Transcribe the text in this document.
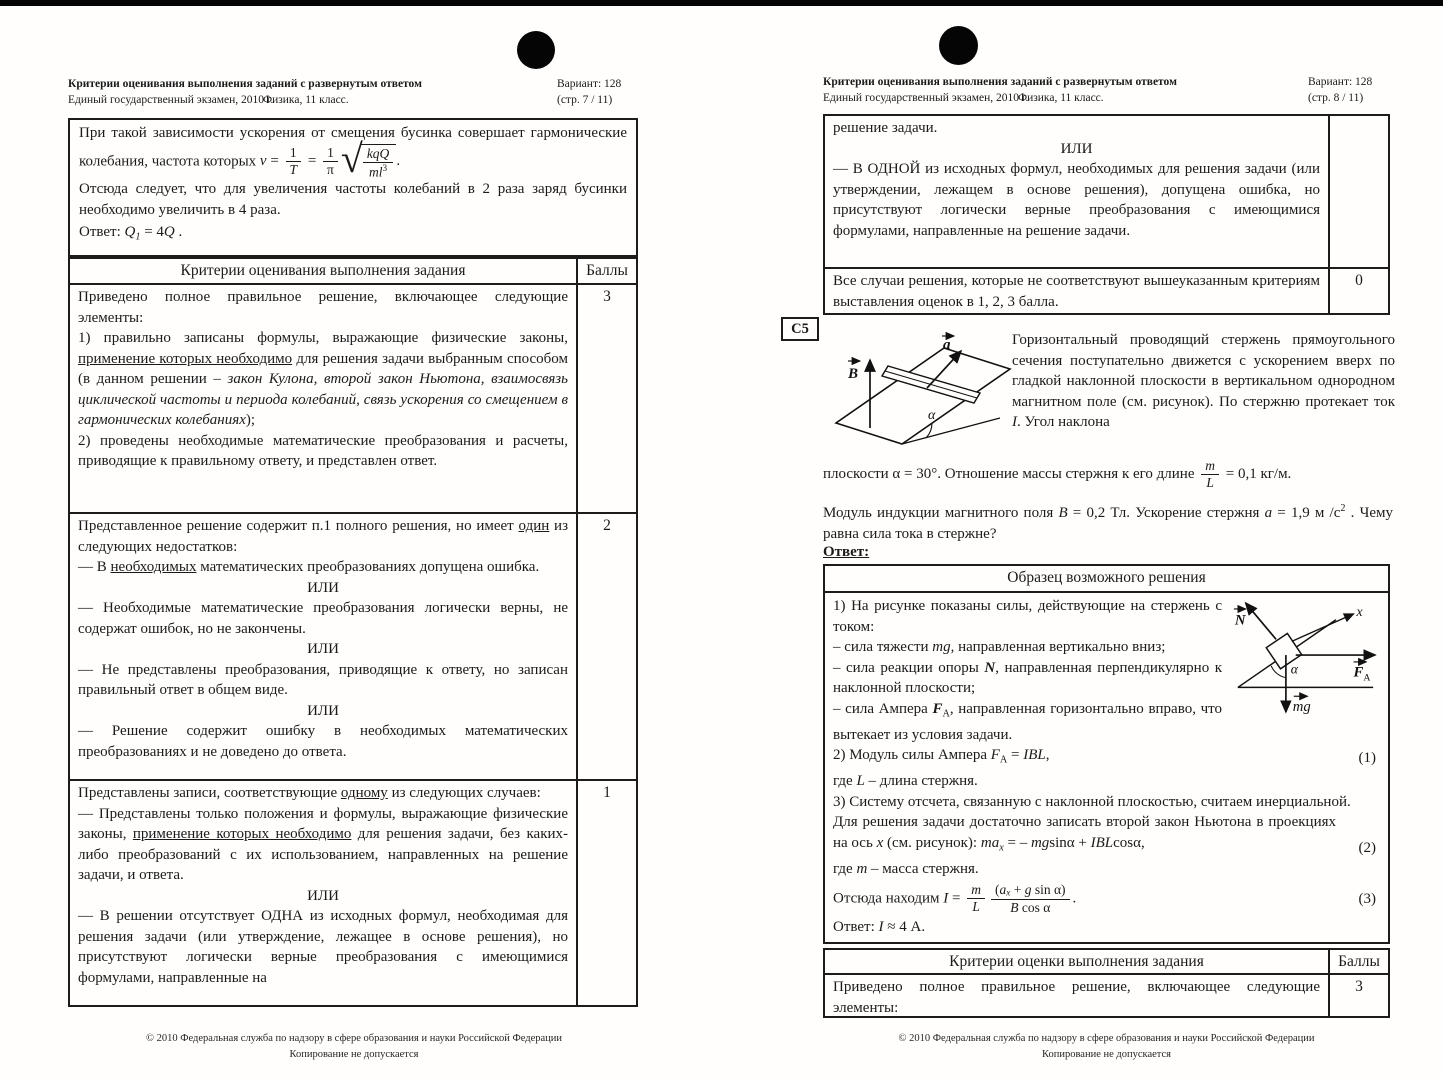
Критерии оценивания выполнения заданий с развернутым ответом
Единый государственный экзамен, 2010 г.
Физика, 11 класс.
Вариант: 128
(стр. 7 / 11)
При такой зависимости ускорения от смещения бусинка совершает гармонические колебания, частота которых $\nu = \frac{1}{T} = \frac{1}{\pi}$ √ $\frac{\text{kqQ}}{ml^3}$ .
Отсюда следует, что для увеличения частоты колебаний в 2 раза заряд бусинки необходимо увеличить в 4 раза.
Ответ: $Q_1 = 4Q$ .
Критерии оценивания выполнения задания	Баллы
Приведено полное правильное решение, включающее следующие элементы:
1) правильно записаны формулы, выражающие физические законы, применение которых необходимо для решения задачи выбранным способом (в данном решении – закон Кулона, второй закон Ньютона, взаимосвязь циклической частоты и периода колебаний, связь ускорения со смещением в гармонических колебаниях);
2) проведены необходимые математические преобразования и расчеты, приводящие к правильному ответу, и представлен ответ.
3
Представленное решение содержит п.1 полного решения, но имеет один из следующих недостатков:
— В необходимых математических преобразованиях допущена ошибка.
ИЛИ
— Необходимые математические преобразования логически верны, не содержат ошибок, но не закончены.
ИЛИ
— Не представлены преобразования, приводящие к ответу, но записан правильный ответ в общем виде.
ИЛИ
— Решение содержит ошибку в необходимых математических преобразованиях и не доведено до ответа.
2
Представлены записи, соответствующие одному из следующих случаев:
— Представлены только положения и формулы, выражающие физические законы, применение которых необходимо для решения задачи, без каких-либо преобразований с их использованием, направленных на решение задачи, и ответа.
ИЛИ
— В решении отсутствует ОДНА из исходных формул, необходимая для решения задачи (или утверждение, лежащее в основе решения), но присутствуют логически верные преобразования с имеющимися формулами, направленные на
1
© 2010 Федеральная служба по надзору в сфере образования и науки Российской Федерации
Копирование не допускается
Критерии оценивания выполнения заданий с развернутым ответом
Единый государственный экзамен, 2010 г.
Физика, 11 класс.
Вариант: 128
(стр. 8 / 11)
решение задачи.
ИЛИ
— В ОДНОЙ из исходных формул, необходимых для решения задачи (или утверждении, лежащем в основе решения), допущена ошибка, но присутствуют логически верные преобразования с имеющимися формулами, направленные на решение задачи.
Все случаи решения, которые не соответствуют вышеуказанным критериям выставления оценок в 1, 2, 3 балла.
0
С5
B
a
α
Горизонтальный проводящий стержень прямоугольного сечения поступательно движется с ускорением вверх по гладкой наклонной плоскости в вертикальном однородном магнитном поле (см. рисунок). По стержню протекает ток I. Угол наклона
плоскости α = 30°. Отношение массы стержня к его длине $\frac{m}{L} = 0,1$ кг/м.
Модуль индукции магнитного поля B = 0,2 Тл. Ускорение стержня a = 1,9 м $/с^2$ . Чему равна сила тока в стержне?
Ответ:
Образец возможного решения
N
x
F А
mg
α
1) На рисунке показаны силы, действующие на стержень с током:
– сила тяжести mg, направленная вертикально вниз;
– сила реакции опоры N, направленная перпендикулярно к наклонной плоскости;
– сила Ампера $F_А$, направленная горизонтально вправо, что вытекает из условия задачи.
2) Модуль силы Ампера $F_А$ = IBL,	(1)
где L – длина стержня.
3) Систему отсчета, связанную с наклонной плоскостью, считаем инерциальной.
Для решения задачи достаточно записать второй закон Ньютона в проекциях на ось x (см. рисунок): $ma_x$ = – mgsinα + IBLcosα,	(2)
где m – масса стержня.
Отсюда находим $I = \frac{m}{L} \frac{\text{(ax + g sin α)}}{\text{B cos α}}$ .	(3)
Ответ: I ≈ 4 А.
Критерии оценки выполнения задания	Баллы
Приведено полное правильное решение, включающее следующие элементы:
3
© 2010 Федеральная служба по надзору в сфере образования и науки Российской Федерации
Копирование не допускается
